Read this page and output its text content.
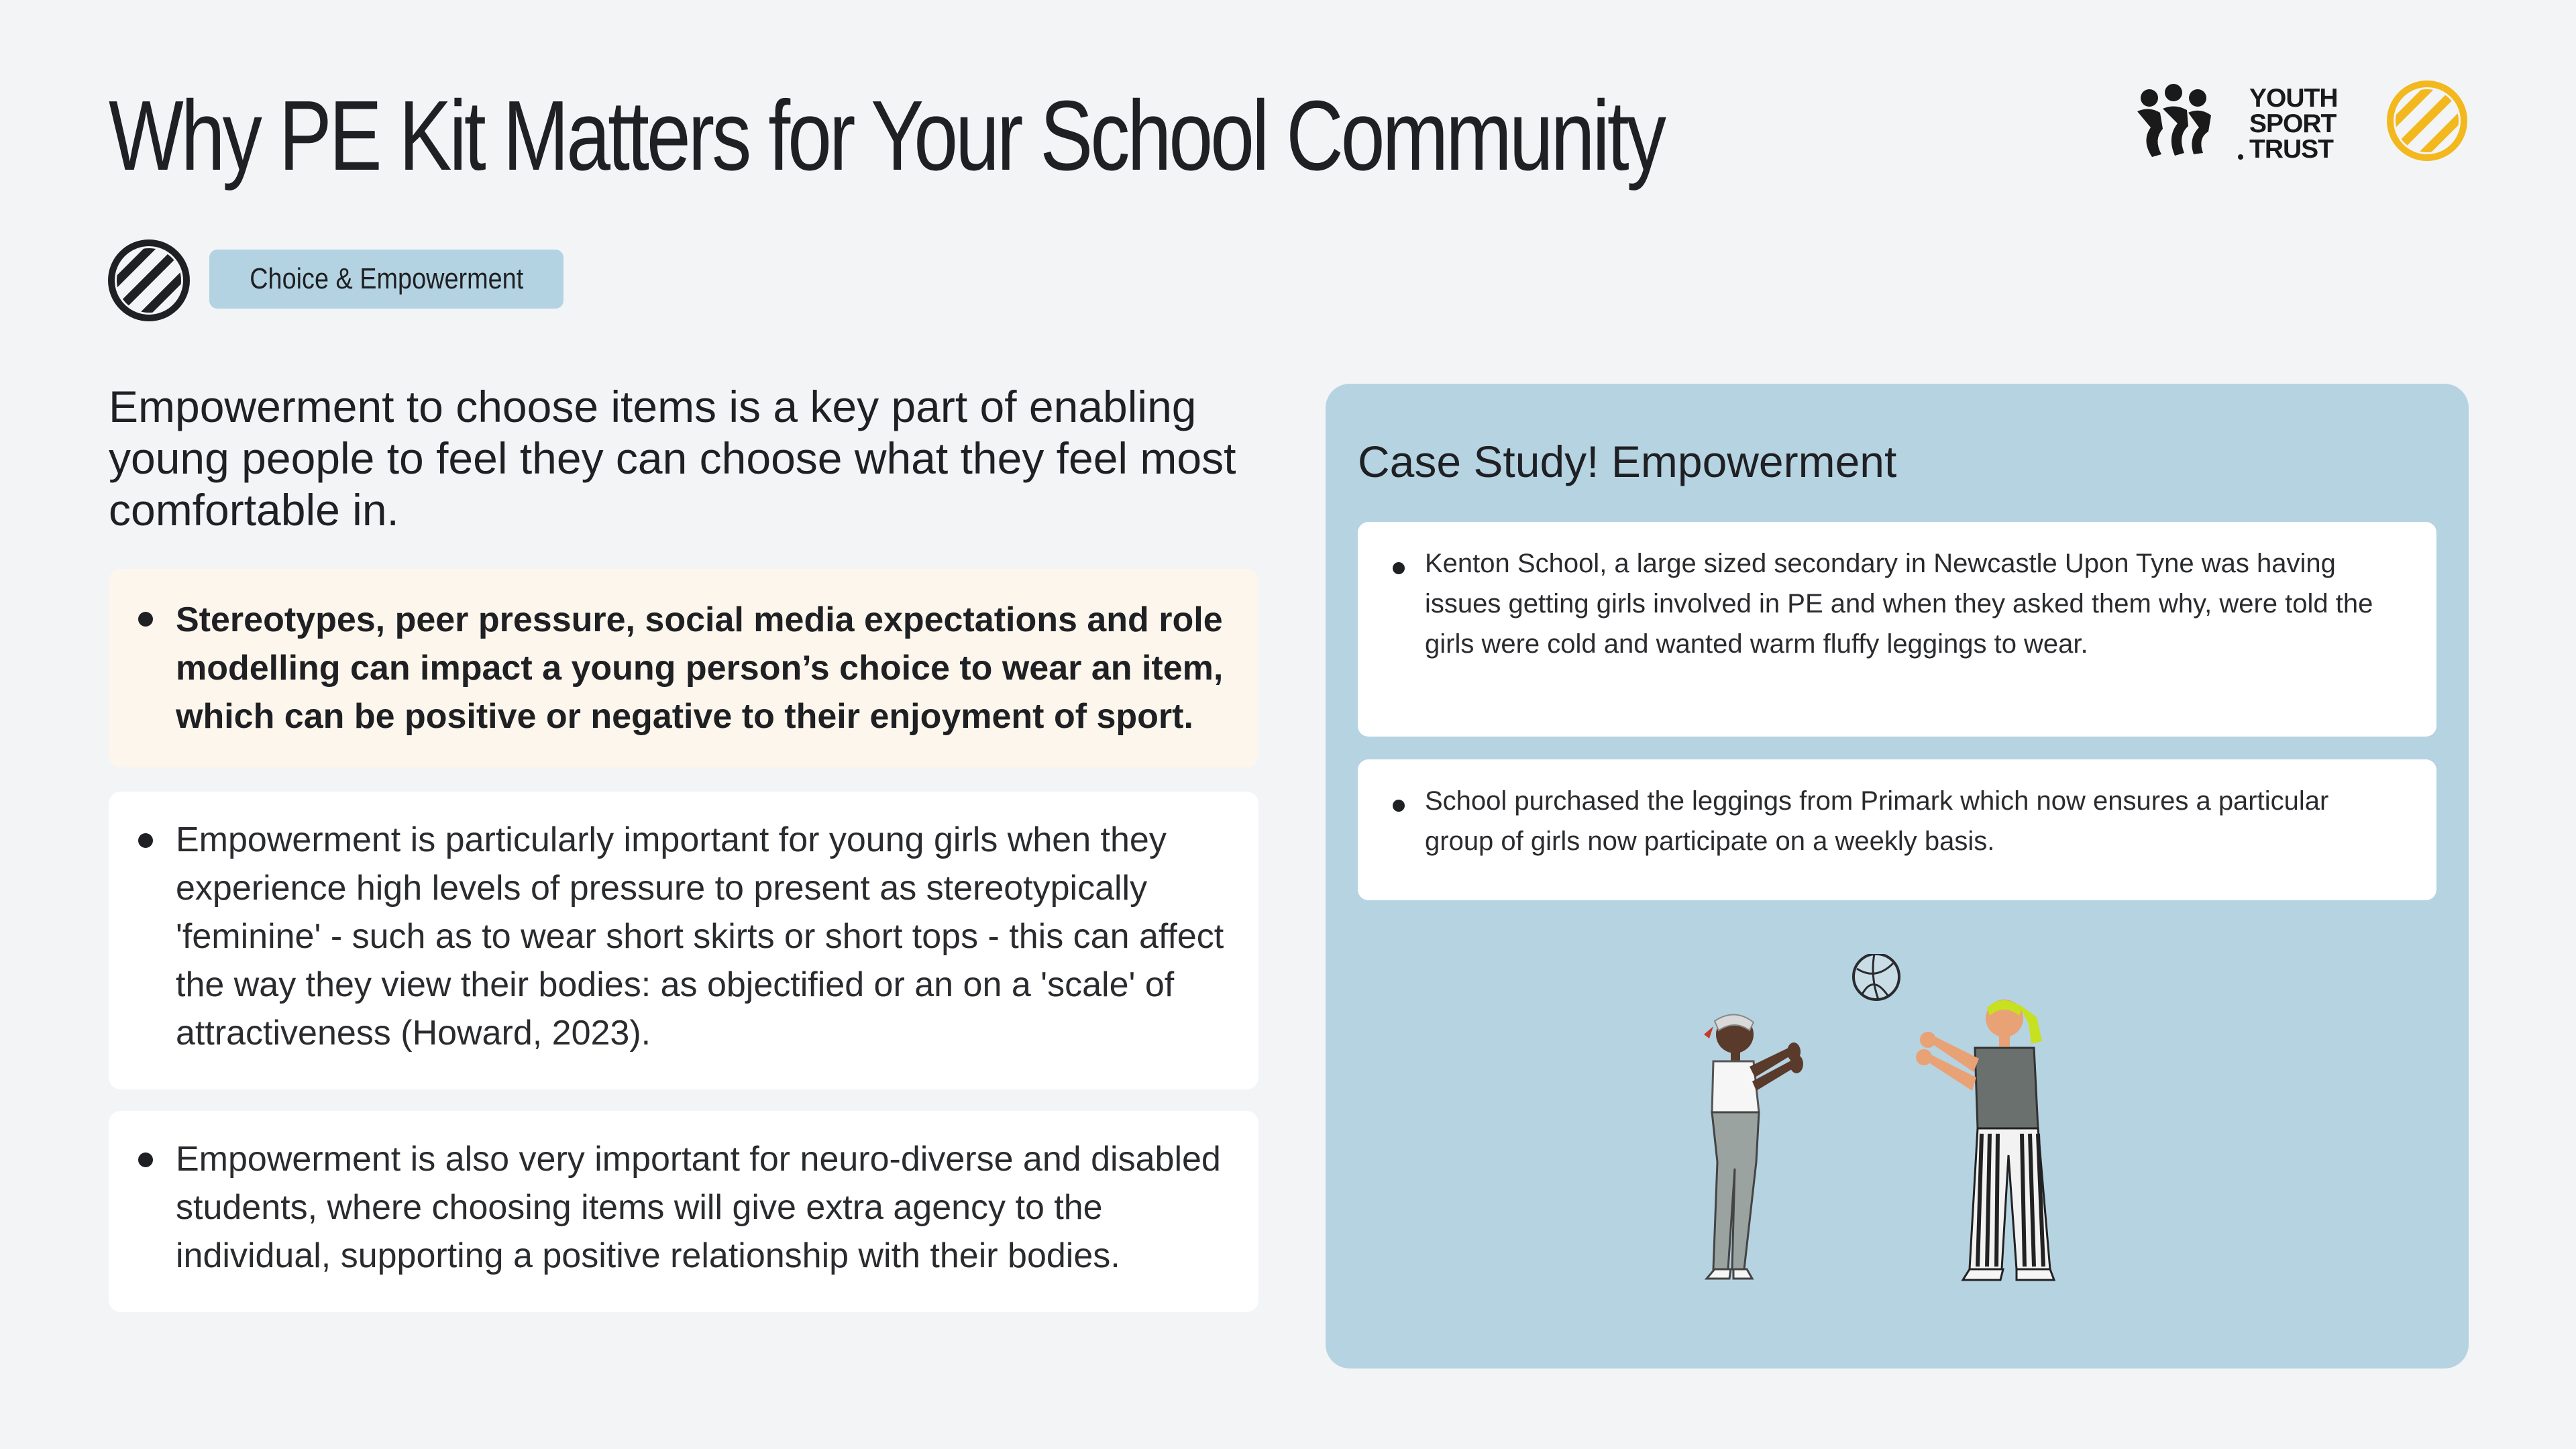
Why PE Kit Matters for Your School Community	YOUTH
SPORT
TRUST
Choice & Empowerment
Empowerment to choose items is a key part of enabling young people to feel they can choose what they feel most comfortable in.
Stereotypes, peer pressure, social media expectations and role modelling can impact a young person’s choice to wear an item, which can be positive or negative to their enjoyment of sport.
Empowerment is particularly important for young girls when they experience high levels of pressure to present as stereotypically 'feminine' - such as to wear short skirts or short tops - this can affect the way they view their bodies: as objectified or an on a 'scale' of attractiveness (Howard, 2023).
Empowerment is also very important for neuro-diverse and disabled students, where choosing items will give extra agency to the individual, supporting a positive relationship with their bodies.
Case Study! Empowerment
Kenton School, a large sized secondary in Newcastle Upon Tyne was having issues getting girls involved in PE and when they asked them why, were told the girls were cold and wanted warm fluffy leggings to wear.
School purchased the leggings from Primark which now ensures a particular group of girls now participate on a weekly basis.
